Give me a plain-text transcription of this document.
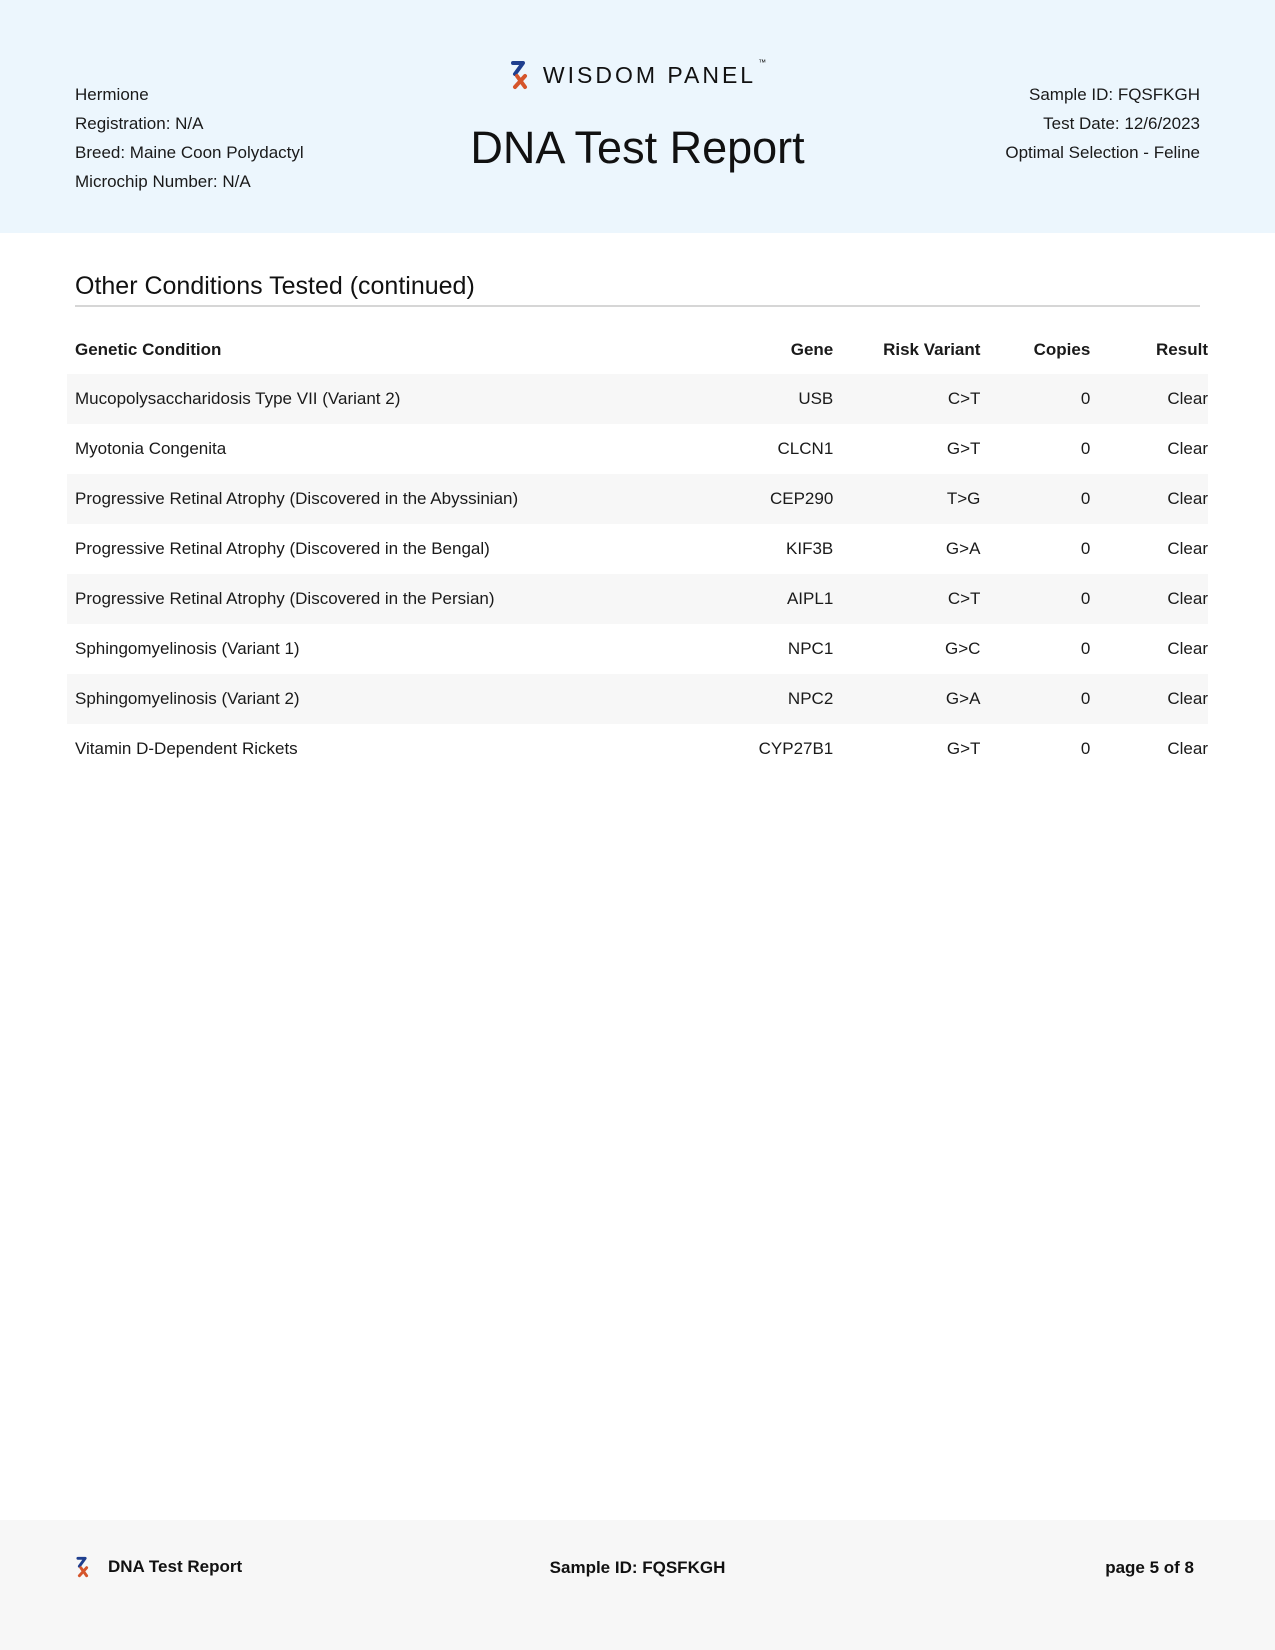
Hermione
Registration: N/A
Breed: Maine Coon Polydactyl
Microchip Number: N/A
WISDOM PANEL ™
DNA Test Report
Sample ID: FQSFKGH
Test Date: 12/6/2023
Optimal Selection - Feline
Other Conditions Tested (continued)
Genetic Condition	Gene	Risk Variant	Copies	Result
Mucopolysaccharidosis Type VII (Variant 2)	USB	C>T	0	Clear
Myotonia Congenita	CLCN1	G>T	0	Clear
Progressive Retinal Atrophy (Discovered in the Abyssinian)	CEP290	T>G	0	Clear
Progressive Retinal Atrophy (Discovered in the Bengal)	KIF3B	G>A	0	Clear
Progressive Retinal Atrophy (Discovered in the Persian)	AIPL1	C>T	0	Clear
Sphingomyelinosis (Variant 1)	NPC1	G>C	0	Clear
Sphingomyelinosis (Variant 2)	NPC2	G>A	0	Clear
Vitamin D-Dependent Rickets	CYP27B1	G>T	0	Clear
DNA Test Report	Sample ID: FQSFKGH	page 5 of 8
